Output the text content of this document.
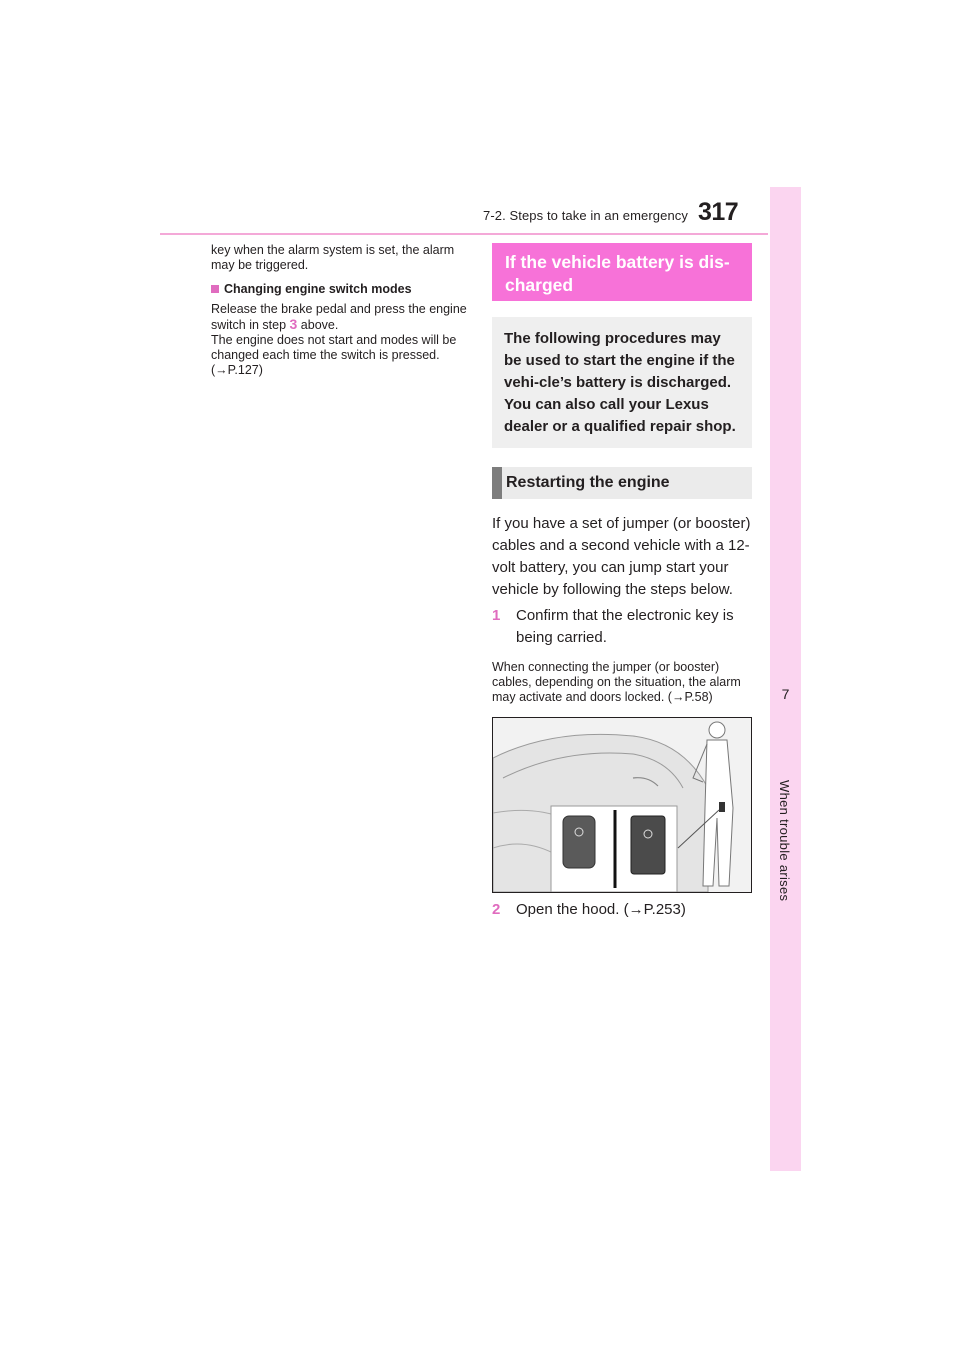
7-2. Steps to take in an emergency 317
7
When trouble arises

key when the alarm system is set, the alarm may be triggered.

Changing engine switch modes

Release the brake pedal and press the engine switch in step 3 above.

The engine does not start and modes will be changed each time the switch is pressed.

(→P.127)

If the vehicle battery is dis-charged

The following procedures may be used to start the engine if the vehi-cle’s battery is discharged.

You can also call your Lexus dealer or a qualified repair shop.

Restarting the engine

If you have a set of jumper (or booster) cables and a second vehicle with a 12-volt battery, you can jump start your vehicle by following the steps below.

1	Confirm that the electronic key is being carried.

When connecting the jumper (or booster) cables, depending on the situation, the alarm may activate and doors locked. (→P.58)

2	Open the hood. (→P.253)
